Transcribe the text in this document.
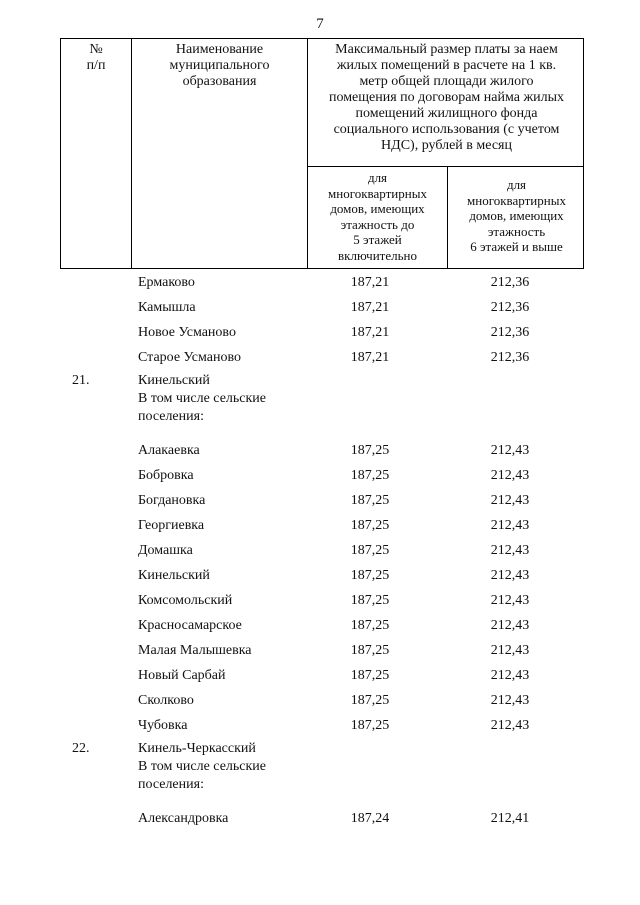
7
№
п/п
Наименование
муниципального
образования
Максимальный размер платы за наем
жилых помещений в расчете на 1 кв.
метр общей площади жилого
помещения по договорам найма жилых
помещений жилищного фонда
социального использования (с учетом
НДС), рублей в месяц
для
многоквартирных
домов, имеющих
этажность до
5 этажей
включительно
для
многоквартирных
домов, имеющих
этажность
6 этажей и выше
Ермаково	187,21	212,36
Камышла	187,21	212,36
Новое Усманово	187,21	212,36
Старое Усманово	187,21	212,36
21.	Кинельский
В том числе сельские
поселения:
Алакаевка	187,25	212,43
Бобровка	187,25	212,43
Богдановка	187,25	212,43
Георгиевка	187,25	212,43
Домашка	187,25	212,43
Кинельский	187,25	212,43
Комсомольский	187,25	212,43
Красносамарское	187,25	212,43
Малая Малышевка	187,25	212,43
Новый Сарбай	187,25	212,43
Сколково	187,25	212,43
Чубовка	187,25	212,43
22.	Кинель-Черкасский
В том числе сельские
поселения:
Александровка	187,24	212,41
